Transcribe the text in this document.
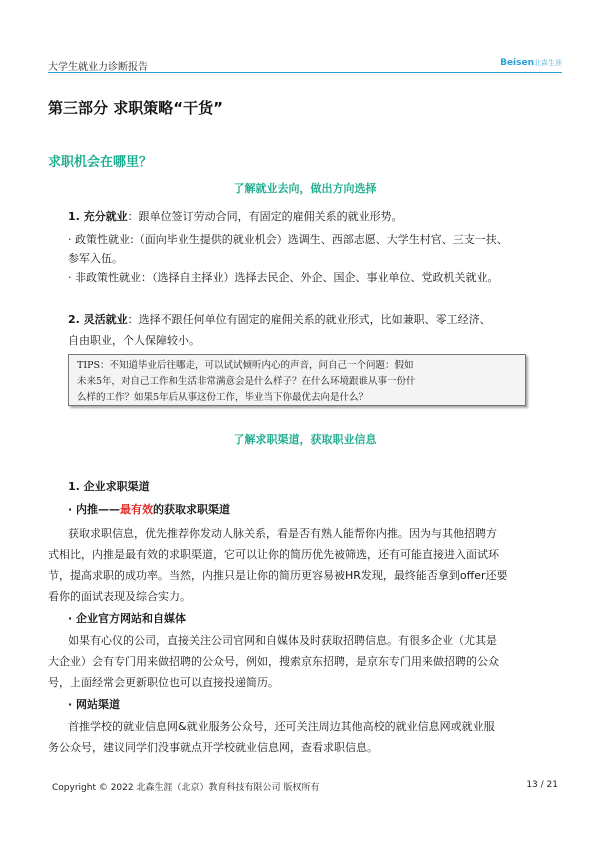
大学生就业力诊断报告	Beisen北森生涯
第三部分 求职策略“干货”
求职机会在哪里？
了解就业去向，做出方向选择
1. 充分就业：跟单位签订劳动合同，有固定的雇佣关系的就业形势。
· 政策性就业:（面向毕业生提供的就业机会）选调生、西部志愿、大学生村官、三支一扶、
参军入伍。
· 非政策性就业：（选择自主择业）选择去民企、外企、国企、事业单位、党政机关就业。
2. 灵活就业：选择不跟任何单位有固定的雇佣关系的就业形式，比如兼职、零工经济、
自由职业，个人保障较小。
TIPS：不知道毕业后往哪走，可以试试倾听内心的声音，问自己一个问题：假如
未来5年，对自己工作和生活非常满意会是什么样子？在什么环境跟谁从事一份什
么样的工作？如果5年后从事这份工作，毕业当下你最优去向是什么？
了解求职渠道，获取职业信息
1. 企业求职渠道
· 内推——最有效的获取求职渠道
获取求职信息，优先推荐你发动人脉关系，看是否有熟人能帮你内推。因为与其他招聘方
式相比，内推是最有效的求职渠道，它可以让你的简历优先被筛选，还有可能直接进入面试环
节，提高求职的成功率。当然，内推只是让你的简历更容易被HR发现，最终能否拿到offer还要
看你的面试表现及综合实力。
· 企业官方网站和自媒体
如果有心仪的公司，直接关注公司官网和自媒体及时获取招聘信息。有很多企业（尤其是
大企业）会有专门用来做招聘的公众号，例如，搜索京东招聘，是京东专门用来做招聘的公众
号，上面经常会更新职位也可以直接投递简历。
· 网站渠道
首推学校的就业信息网&就业服务公众号，还可关注周边其他高校的就业信息网或就业服
务公众号，建议同学们没事就点开学校就业信息网，查看求职信息。
Copyright © 2022 北森生涯（北京）教育科技有限公司 版权所有	13 / 21
